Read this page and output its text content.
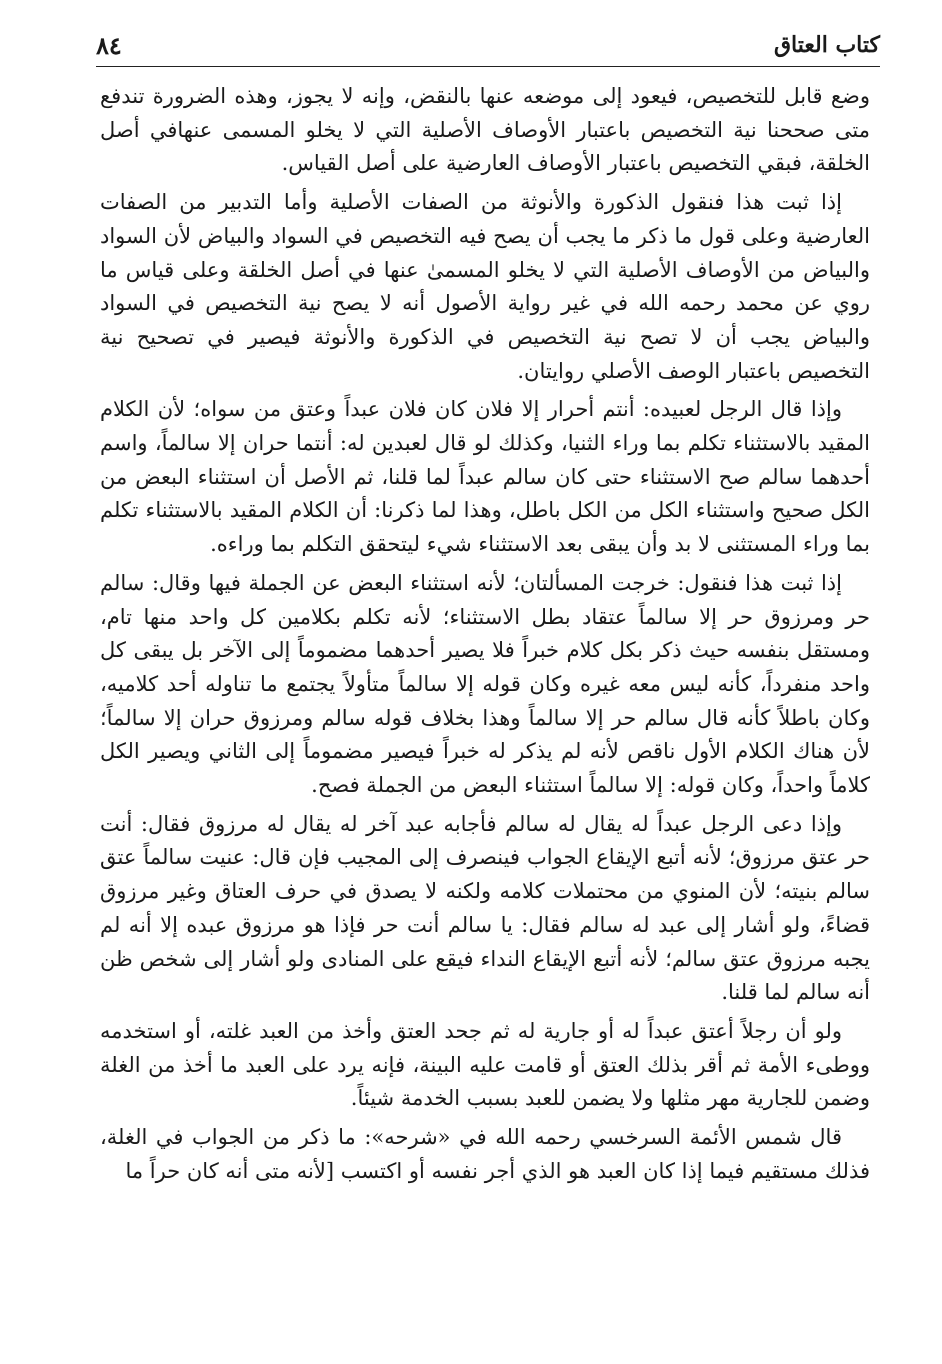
كتاب العتاق
٨٤

وضع قابل للتخصيص، فيعود إلى موضعه عنها بالنقض، وإنه لا يجوز، وهذه الضرورة تندفع متى صححنا نية التخصيص باعتبار الأوصاف الأصلية التي لا يخلو المسمى عنهافي أصل الخلقة، فبقي التخصيص باعتبار الأوصاف العارضية على أصل القياس.

إذا ثبت هذا فنقول الذكورة والأنوثة من الصفات الأصلية وأما التدبير من الصفات العارضية وعلى قول ما ذكر ما يجب أن يصح فيه التخصيص في السواد والبياض لأن السواد والبياض من الأوصاف الأصلية التي لا يخلو المسمىٰ عنها في أصل الخلقة وعلى قياس ما روي عن محمد رحمه الله في غير رواية الأصول أنه لا يصح نية التخصيص في السواد والبياض يجب أن لا تصح نية التخصيص في الذكورة والأنوثة فيصير في تصحيح نية التخصيص باعتبار الوصف الأصلي روايتان.

وإذا قال الرجل لعبيده: أنتم أحرار إلا فلان كان فلان عبداً وعتق من سواه؛ لأن الكلام المقيد بالاستثناء تكلم بما وراء الثنيا، وكذلك لو قال لعبدين له: أنتما حران إلا سالماً، واسم أحدهما سالم صح الاستثناء حتى كان سالم عبداً لما قلنا، ثم الأصل أن استثناء البعض من الكل صحيح واستثناء الكل من الكل باطل، وهذا لما ذكرنا: أن الكلام المقيد بالاستثناء تكلم بما وراء المستثنى لا بد وأن يبقى بعد الاستثناء شيء ليتحقق التكلم بما وراءه.

إذا ثبت هذا فنقول: خرجت المسألتان؛ لأنه استثناء البعض عن الجملة فيها وقال: سالم حر ومرزوق حر إلا سالماً عتقاد بطل الاستثناء؛ لأنه تكلم بكلامين كل واحد منها تام، ومستقل بنفسه حيث ذكر بكل كلام خبراً فلا يصير أحدهما مضموماً إلى الآخر بل يبقى كل واحد منفرداً، كأنه ليس معه غيره وكان قوله إلا سالماً متأولاً يجتمع ما تناوله أحد كلاميه، وكان باطلاً كأنه قال سالم حر إلا سالماً وهذا بخلاف قوله سالم ومرزوق حران إلا سالماً؛ لأن هناك الكلام الأول ناقص لأنه لم يذكر له خبراً فيصير مضموماً إلى الثاني ويصير الكل كلاماً واحداً، وكان قوله: إلا سالماً استثناء البعض من الجملة فصح.

وإذا دعى الرجل عبداً له يقال له سالم فأجابه عبد آخر له يقال له مرزوق فقال: أنت حر عتق مرزوق؛ لأنه أتبع الإيقاع الجواب فينصرف إلى المجيب فإن قال: عنيت سالماً عتق سالم بنيته؛ لأن المنوي من محتملات كلامه ولكنه لا يصدق في حرف العتاق وغير مرزوق قضاءً، ولو أشار إلى عبد له سالم فقال: يا سالم أنت حر فإذا هو مرزوق عبده إلا أنه لم يجبه مرزوق عتق سالم؛ لأنه أتبع الإيقاع النداء فيقع على المنادى ولو أشار إلى شخص ظن أنه سالم لما قلنا.

ولو أن رجلاً أعتق عبداً له أو جارية له ثم جحد العتق وأخذ من العبد غلته، أو استخدمه ووطىء الأمة ثم أقر بذلك العتق أو قامت عليه البينة، فإنه يرد على العبد ما أخذ من الغلة وضمن للجارية مهر مثلها ولا يضمن للعبد بسبب الخدمة شيئاً.

قال شمس الأئمة السرخسي رحمه الله في «شرحه»: ما ذكر من الجواب في الغلة، فذلك مستقيم فيما إذا كان العبد هو الذي أجر نفسه أو اكتسب [لأنه متى أنه كان حراً ما
